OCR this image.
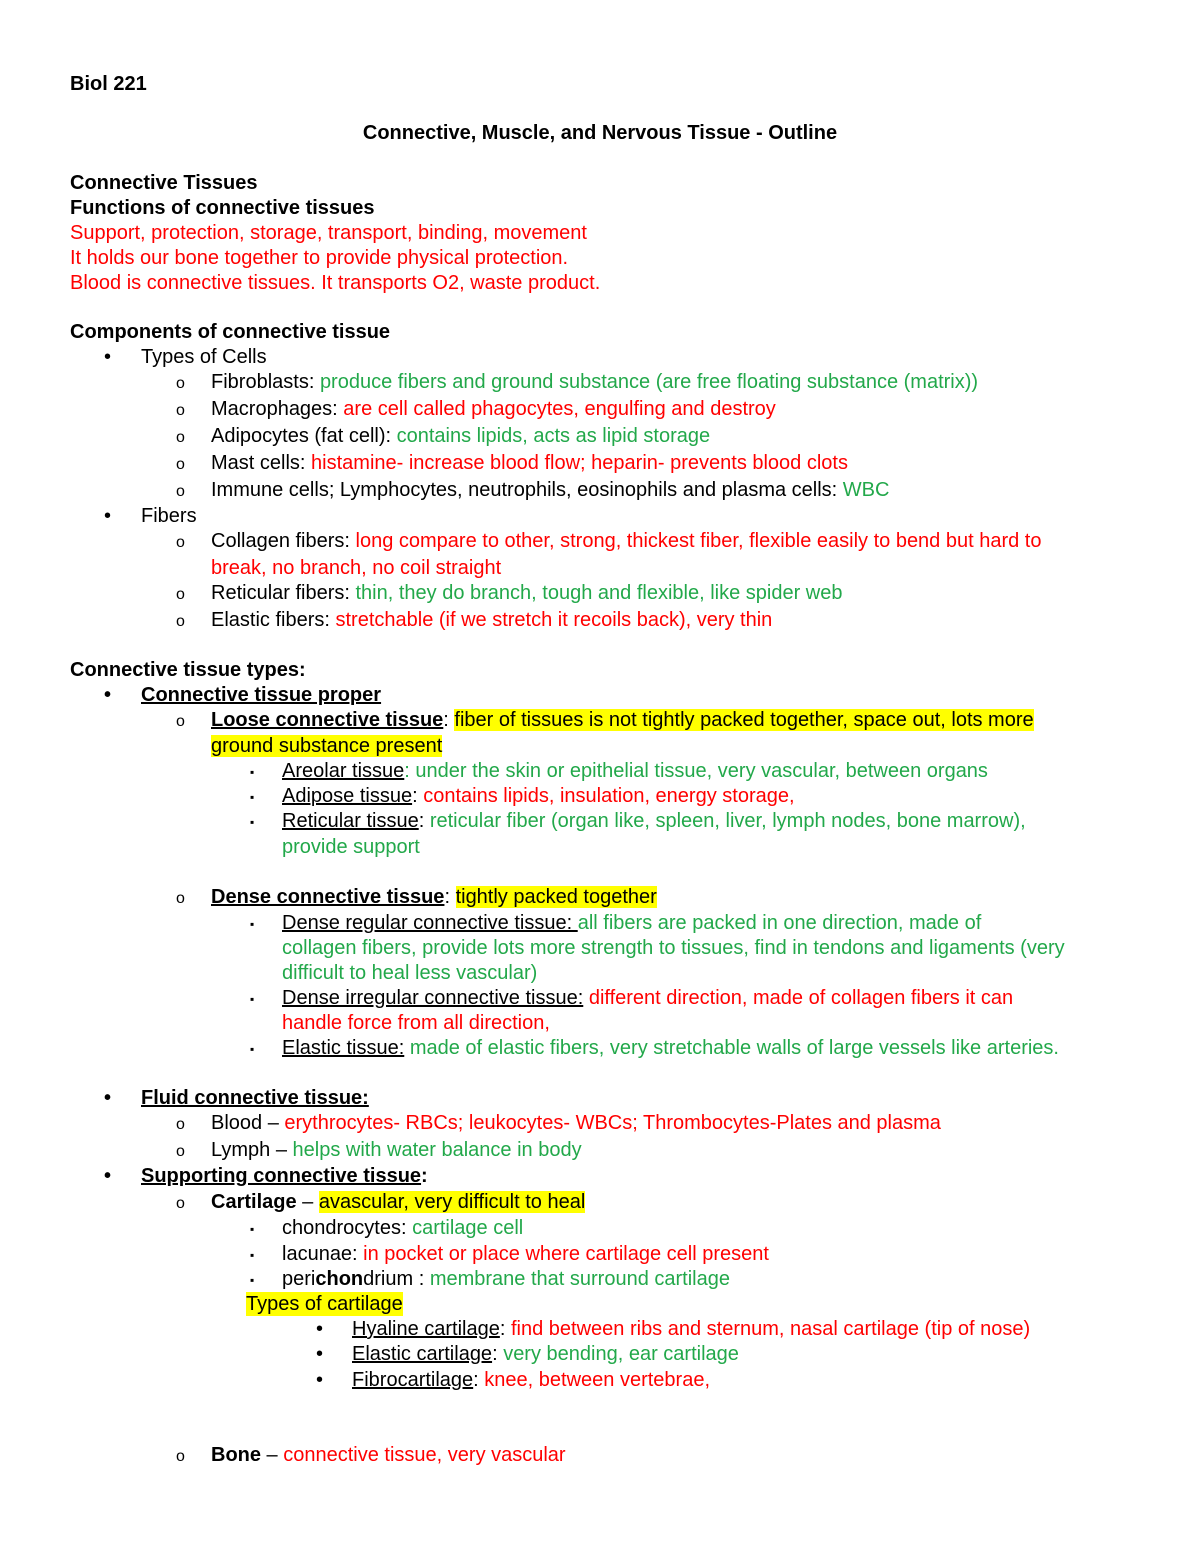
Biol 221
Connective, Muscle, and Nervous Tissue - Outline
Connective Tissues
Functions of connective tissues
Support, protection, storage, transport, binding, movement
It holds our bone together to provide physical protection.
Blood is connective tissues. It transports O2, waste product.
Components of connective tissue
• Types of Cells
o Fibroblasts: produce fibers and ground substance (are free floating substance (matrix))
o Macrophages: are cell called phagocytes, engulfing and destroy
o Adipocytes (fat cell): contains lipids, acts as lipid storage
o Mast cells: histamine- increase blood flow; heparin- prevents blood clots
o Immune cells; Lymphocytes, neutrophils, eosinophils and plasma cells: WBC
• Fibers
o Collagen fibers: long compare to other, strong, thickest fiber, flexible easily to bend but hard to
break, no branch, no coil straight
o Reticular fibers: thin, they do branch, tough and flexible, like spider web
o Elastic fibers: stretchable (if we stretch it recoils back), very thin
Connective tissue types:
• Connective tissue proper
o Loose connective tissue: fiber of tissues is not tightly packed together, space out, lots more
ground substance present
▪ Areolar tissue: under the skin or epithelial tissue, very vascular, between organs
▪ Adipose tissue: contains lipids, insulation, energy storage,
▪ Reticular tissue: reticular fiber (organ like, spleen, liver, lymph nodes, bone marrow),
provide support
o Dense connective tissue: tightly packed together
▪ Dense regular connective tissue: all fibers are packed in one direction, made of
collagen fibers, provide lots more strength to tissues, find in tendons and ligaments (very
difficult to heal less vascular)
▪ Dense irregular connective tissue: different direction, made of collagen fibers it can
handle force from all direction,
▪ Elastic tissue: made of elastic fibers, very stretchable walls of large vessels like arteries.
• Fluid connective tissue:
o Blood – erythrocytes- RBCs; leukocytes- WBCs; Thrombocytes-Plates and plasma
o Lymph – helps with water balance in body
• Supporting connective tissue:
o Cartilage – avascular, very difficult to heal
▪ chondrocytes: cartilage cell
▪ lacunae: in pocket or place where cartilage cell present
▪ perichondrium : membrane that surround cartilage
Types of cartilage
• Hyaline cartilage: find between ribs and sternum, nasal cartilage (tip of nose)
• Elastic cartilage: very bending, ear cartilage
• Fibrocartilage: knee, between vertebrae,
o Bone – connective tissue, very vascular
